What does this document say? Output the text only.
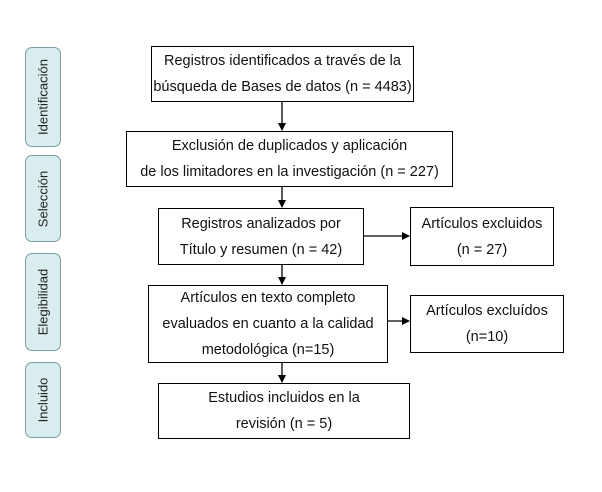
Identificación
Selección
Elegibilidad
Incluido
Registros identificados a través de la
búsqueda de Bases de datos (n = 4483)
Exclusión de duplicados y aplicación
de los limitadores en la investigación (n = 227)
Registros analizados por
Título y resumen (n = 42)
Artículos excluidos
(n = 27)
Artículos en texto completo
evaluados en cuanto a la calidad
metodológica (n=15)
Artículos excluídos
(n=10)
Estudios incluidos en la
revisión (n = 5)
